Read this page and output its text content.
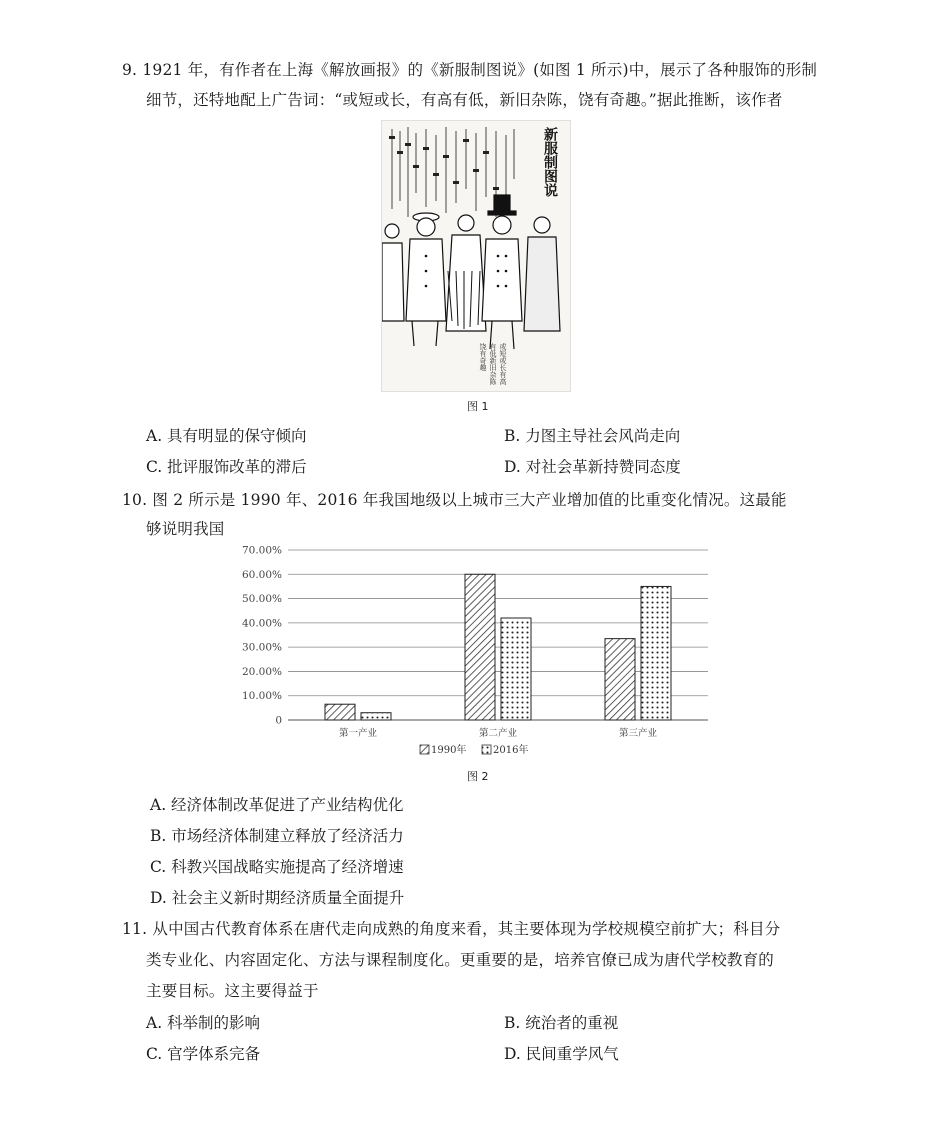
9. 1921 年，有作者在上海《解放画报》的《新服制图说》(如图 1 所示)中，展示了各种服饰的形制
细节，还特地配上广告词：“或短或长，有高有低，新旧杂陈，饶有奇趣。”据此推断，该作者
新服制图说
或短或长有高有低新旧杂陈饶有奇趣
图 1
A. 具有明显的保守倾向	B. 力图主导社会风尚走向
C. 批评服饰改革的滞后	D. 对社会革新持赞同态度
10. 图 2 所示是 1990 年、2016 年我国地级以上城市三大产业增加值的比重变化情况。这最能
够说明我国
0
10.00%
20.00%
30.00%
40.00%
50.00%
60.00%
70.00%
第一产业	第二产业	第三产业
1990年	2016年
图 2
A. 经济体制改革促进了产业结构优化
B. 市场经济体制建立释放了经济活力
C. 科教兴国战略实施提高了经济增速
D. 社会主义新时期经济质量全面提升
11. 从中国古代教育体系在唐代走向成熟的角度来看，其主要体现为学校规模空前扩大；科目分
类专业化、内容固定化、方法与课程制度化。更重要的是，培养官僚已成为唐代学校教育的
主要目标。这主要得益于
A. 科举制的影响	B. 统治者的重视
C. 官学体系完备	D. 民间重学风气
